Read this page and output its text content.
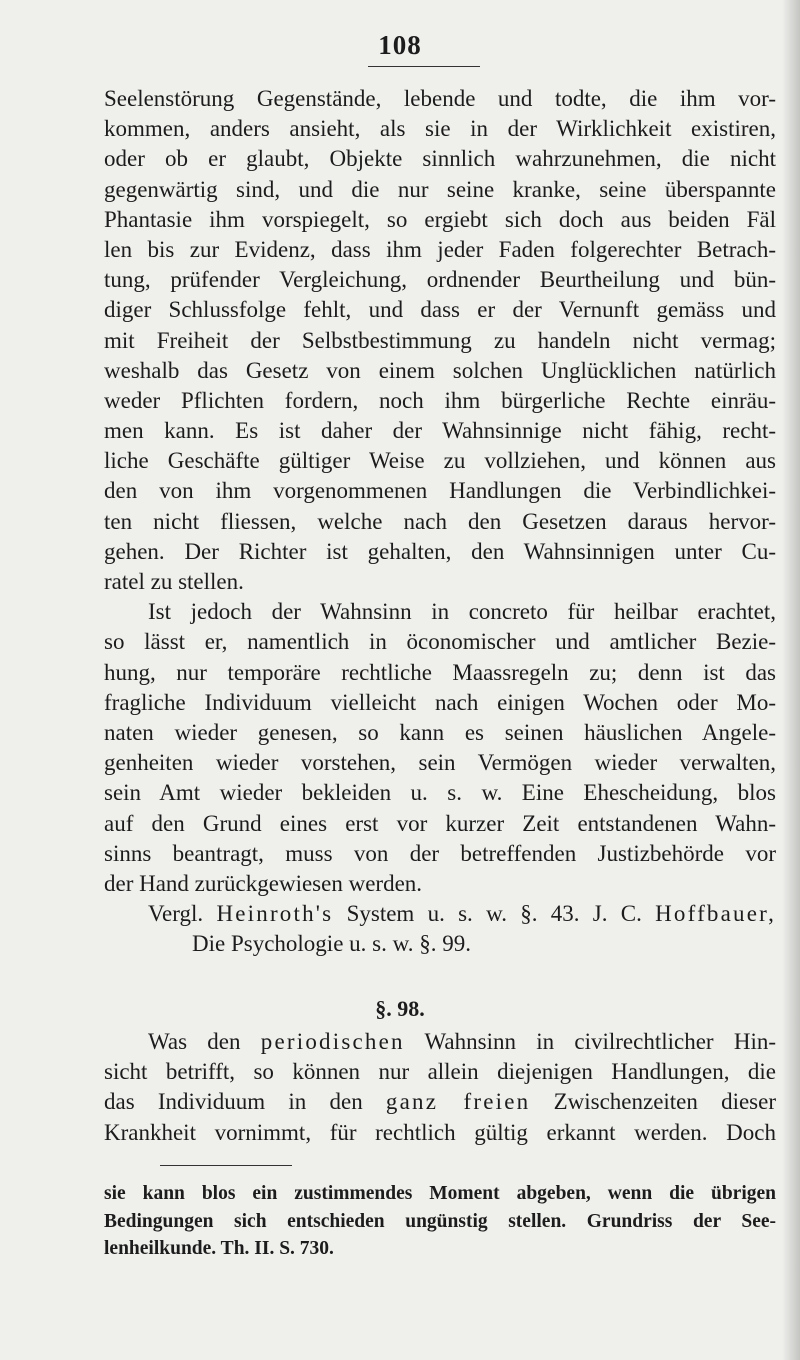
108
Seelenstörung Gegenstände, lebende und todte, die ihm vor-
kommen, anders ansieht, als sie in der Wirklichkeit existiren,
oder ob er glaubt, Objekte sinnlich wahrzunehmen, die nicht
gegenwärtig sind, und die nur seine kranke, seine überspannte
Phantasie ihm vorspiegelt, so ergiebt sich doch aus beiden Fäl
len bis zur Evidenz, dass ihm jeder Faden folgerechter Betrach-
tung, prüfender Vergleichung, ordnender Beurtheilung und bün-
diger Schlussfolge fehlt, und dass er der Vernunft gemäss und
mit Freiheit der Selbstbestimmung zu handeln nicht vermag;
weshalb das Gesetz von einem solchen Unglücklichen natürlich
weder Pflichten fordern, noch ihm bürgerliche Rechte einräu-
men kann. Es ist daher der Wahnsinnige nicht fähig, recht-
liche Geschäfte gültiger Weise zu vollziehen, und können aus
den von ihm vorgenommenen Handlungen die Verbindlichkei-
ten nicht fliessen, welche nach den Gesetzen daraus hervor-
gehen. Der Richter ist gehalten, den Wahnsinnigen unter Cu-
ratel zu stellen.
Ist jedoch der Wahnsinn in concreto für heilbar erachtet,
so lässt er, namentlich in öconomischer und amtlicher Bezie-
hung, nur temporäre rechtliche Maassregeln zu; denn ist das
fragliche Individuum vielleicht nach einigen Wochen oder Mo-
naten wieder genesen, so kann es seinen häuslichen Angele-
genheiten wieder vorstehen, sein Vermögen wieder verwalten,
sein Amt wieder bekleiden u. s. w. Eine Ehescheidung, blos
auf den Grund eines erst vor kurzer Zeit entstandenen Wahn-
sinns beantragt, muss von der betreffenden Justizbehörde vor
der Hand zurückgewiesen werden.
Vergl. Heinroth's System u. s. w. §. 43. J. C. Hoffbauer,
Die Psychologie u. s. w. §. 99.
§. 98.
Was den periodischen Wahnsinn in civilrechtlicher Hin-
sicht betrifft, so können nur allein diejenigen Handlungen, die
das Individuum in den ganz freien Zwischenzeiten dieser
Krankheit vornimmt, für rechtlich gültig erkannt werden. Doch
sie kann blos ein zustimmendes Moment abgeben, wenn die übrigen
Bedingungen sich entschieden ungünstig stellen. Grundriss der See-
lenheilkunde. Th. II. S. 730.
